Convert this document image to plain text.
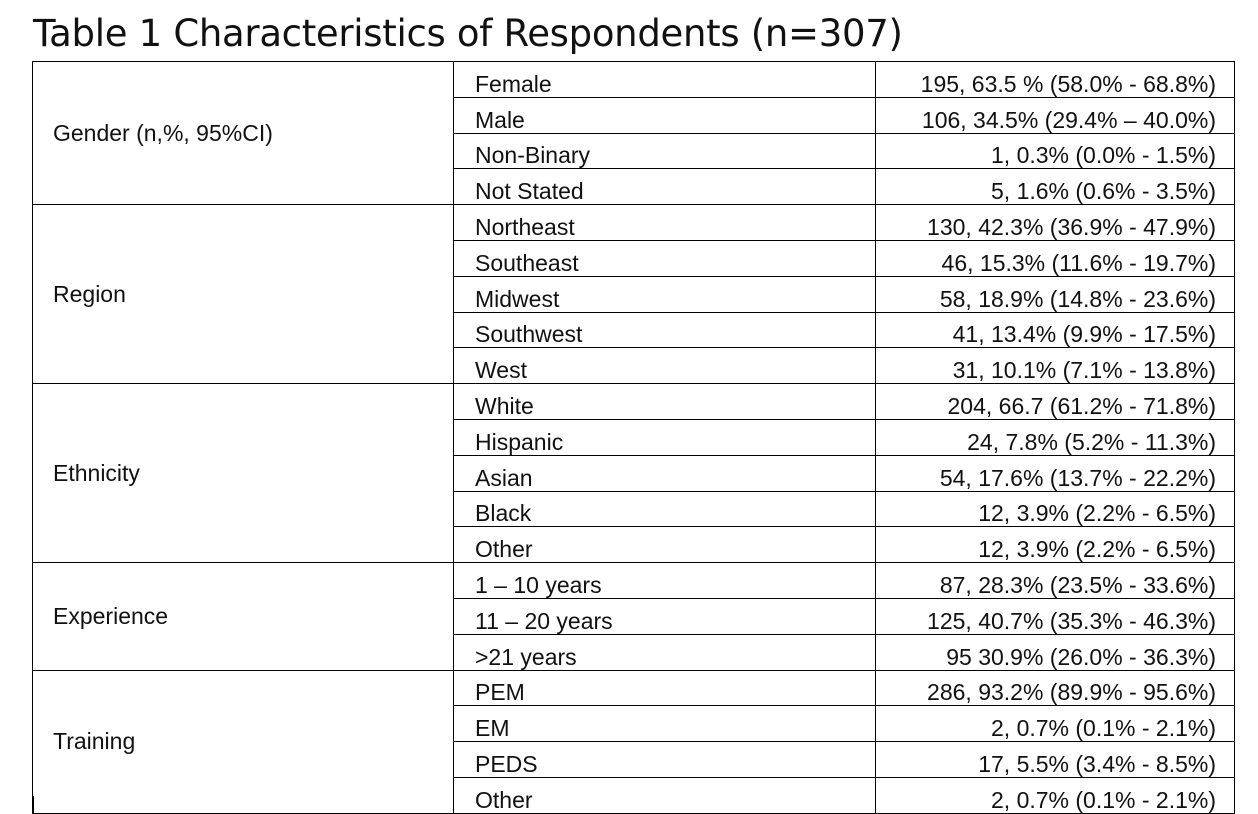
Table 1 Characteristics of Respondents (n=307)
Gender (n,%, 95%CI)	Female	195, 63.5 % (58.0% - 68.8%)
	Male	106, 34.5% (29.4% – 40.0%)
	Non-Binary	1, 0.3% (0.0% - 1.5%)
	Not Stated	5, 1.6% (0.6% - 3.5%)
Region	Northeast	130, 42.3% (36.9% - 47.9%)
	Southeast	46, 15.3% (11.6% - 19.7%)
	Midwest	58, 18.9% (14.8% - 23.6%)
	Southwest	41, 13.4% (9.9% - 17.5%)
	West	31, 10.1% (7.1% - 13.8%)
Ethnicity	White	204, 66.7 (61.2% - 71.8%)
	Hispanic	24, 7.8% (5.2% - 11.3%)
	Asian	54, 17.6% (13.7% - 22.2%)
	Black	12, 3.9% (2.2% - 6.5%)
	Other	12, 3.9% (2.2% - 6.5%)
Experience	1 – 10 years	87, 28.3% (23.5% - 33.6%)
	11 – 20 years	125, 40.7% (35.3% - 46.3%)
	>21 years	95 30.9% (26.0% - 36.3%)
Training	PEM	286, 93.2% (89.9% - 95.6%)
	EM	2, 0.7% (0.1% - 2.1%)
	PEDS	17, 5.5% (3.4% - 8.5%)
	Other	2, 0.7% (0.1% - 2.1%)
